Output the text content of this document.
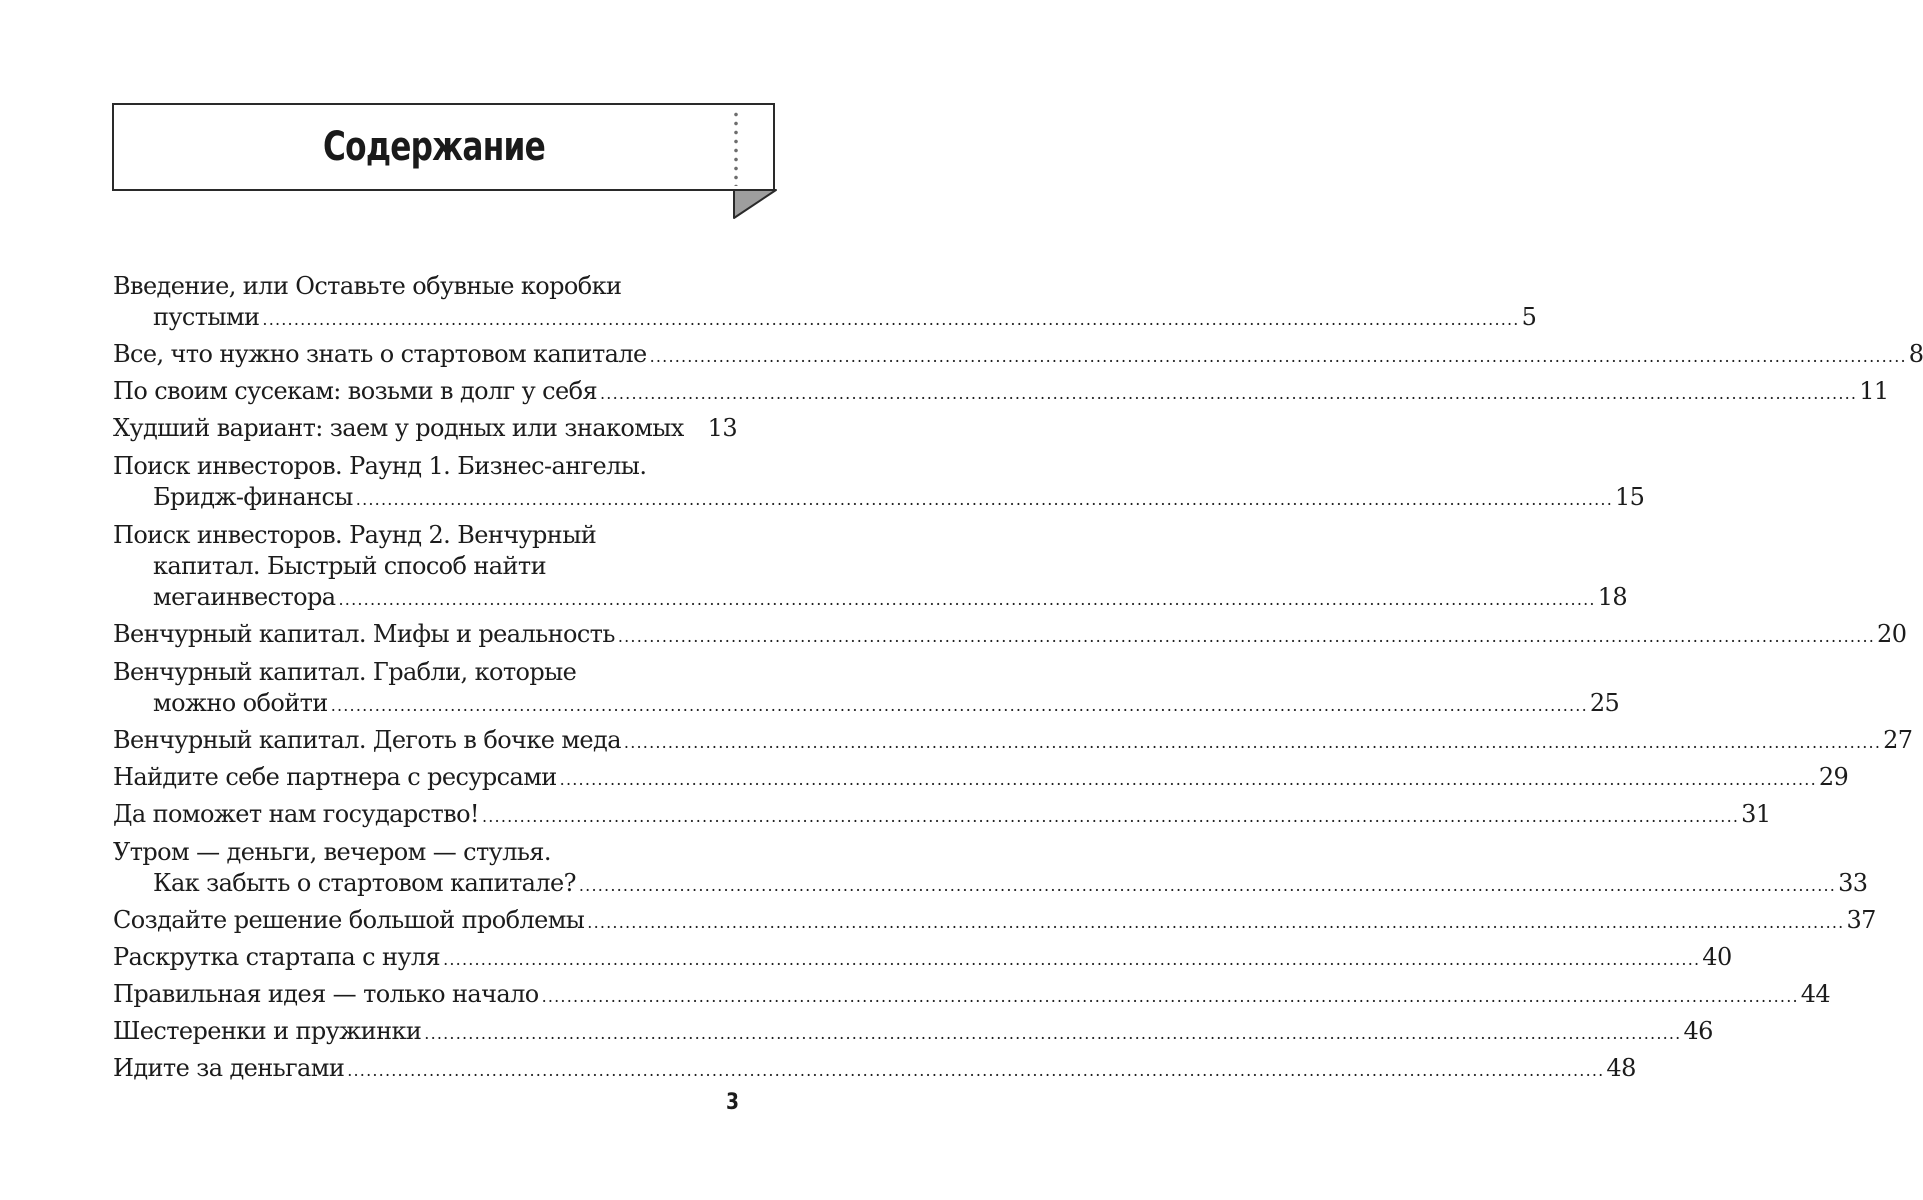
Содержание
Введение, или Оставьте обувные коробки
пустыми ........................................................................................................................................................................................................ 5
Все, что нужно знать о стартовом капитале ........................................................................................................................................................................................................ 8
По своим сусекам: возьми в долг у себя ........................................................................................................................................................................................................ 11
Худший вариант: заем у родных или знакомых 13
Поиск инвесторов. Раунд 1. Бизнес-ангелы.
Бридж-финансы ........................................................................................................................................................................................................ 15
Поиск инвесторов. Раунд 2. Венчурный
капитал. Быстрый способ найти
мегаинвестора ........................................................................................................................................................................................................ 18
Венчурный капитал. Мифы и реальность ........................................................................................................................................................................................................ 20
Венчурный капитал. Грабли, которые
можно обойти ........................................................................................................................................................................................................ 25
Венчурный капитал. Деготь в бочке меда ........................................................................................................................................................................................................ 27
Найдите себе партнера с ресурсами ........................................................................................................................................................................................................ 29
Да поможет нам государство! ........................................................................................................................................................................................................ 31
Утром — деньги, вечером — стулья.
Как забыть о стартовом капитале? ........................................................................................................................................................................................................ 33
Создайте решение большой проблемы ........................................................................................................................................................................................................ 37
Раскрутка стартапа с нуля ........................................................................................................................................................................................................ 40
Правильная идея — только начало ........................................................................................................................................................................................................ 44
Шестеренки и пружинки ........................................................................................................................................................................................................ 46
Идите за деньгами ........................................................................................................................................................................................................ 48
3
